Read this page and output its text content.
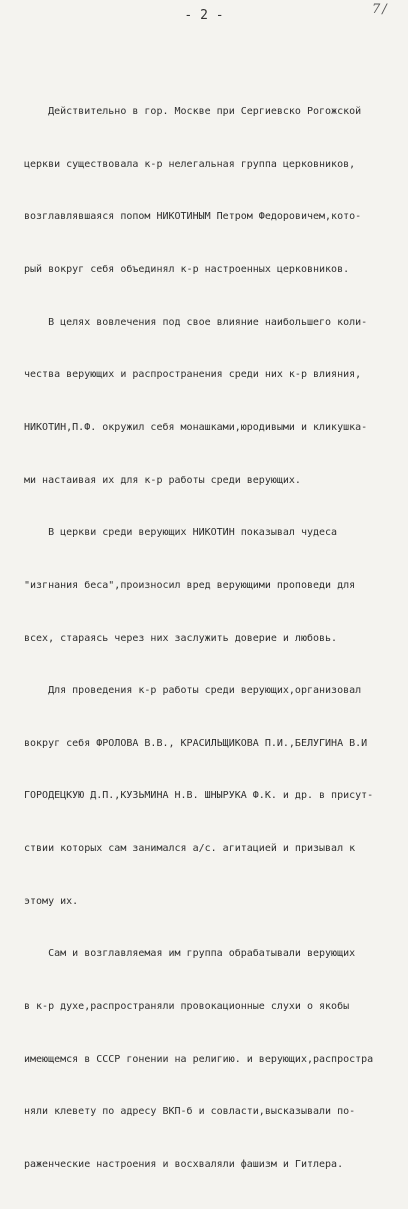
7/
- 2 -

Действительно в гор. Москве при Сергиевско Рогожской

церкви существовала к-р нелегальная группа церковников,

возглавлявшаяся попом НИКОТИНЫМ Петром Федоровичем,кото-

рый вокруг себя объединял к-р настроенных церковников.

В целях вовлечения под свое влияние наибольшего коли-

чества верующих и распространения среди них к-р влияния,

НИКОТИН,П.Ф. окружил себя монашками,юродивыми и кликушка-

ми настаивая их для к-р работы среди верующих.

В церкви среди верующих НИКОТИН показывал чудеса

"изгнания беса",произносил вред верующими проповеди для

всех, стараясь через них заслужить доверие и любовь.

Для проведения к-р работы среди верующих,организовал

вокруг себя ФРОЛОВА В.В., КРАСИЛЬЩИКОВА П.И.,БЕЛУГИНА В.И

ГОРОДЕЦКУЮ Д.П.,КУЗЬМИНА Н.В. ШНЫРУКА Ф.К. и др. в присут-

ствии которых сам занимался а/с. агитацией и призывал к

этому их.

Сам и возглавляемая им группа обрабатывали верующих

в к-р духе,распространяли провокационные слухи о якобы

имеющемся в СССР гонении на религию. и верующих,распростра

няли клевету по адресу ВКП-б и совласти,высказывали по-

раженческие настроения и восхваляли фашизм и Гитлера.
